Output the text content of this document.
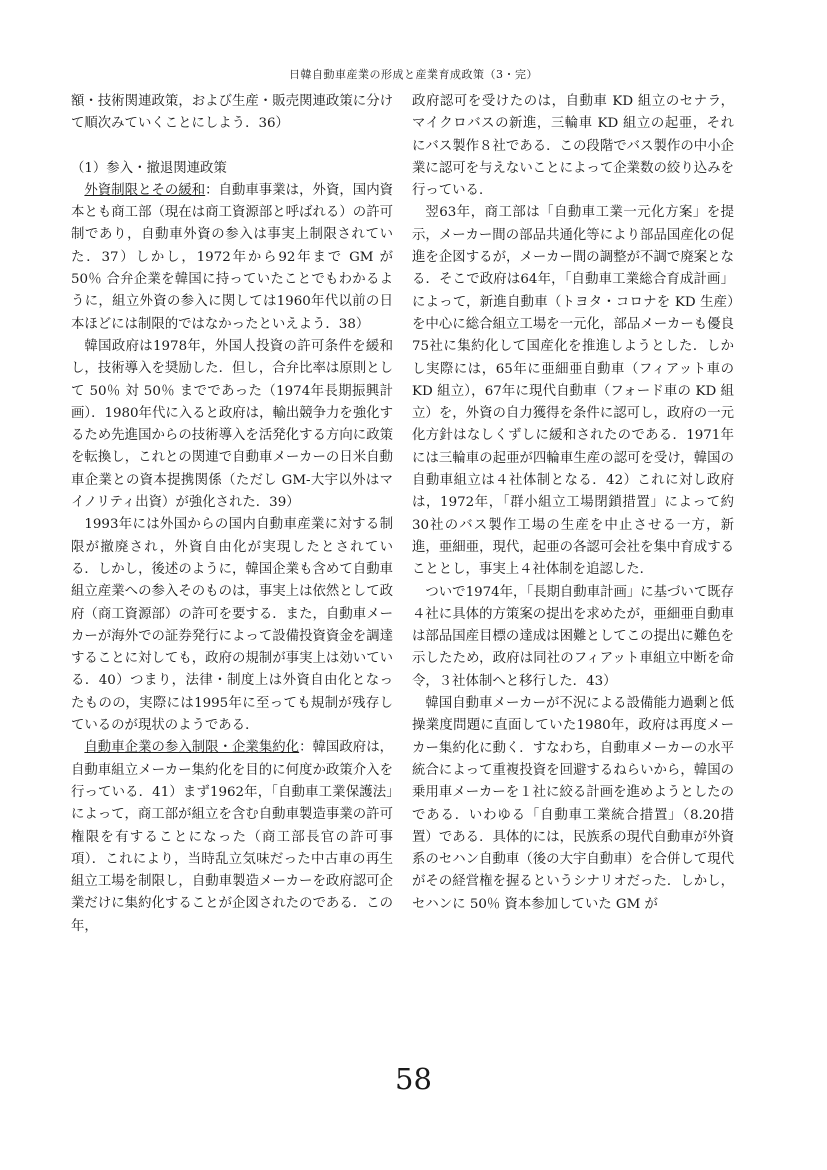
日韓自動車産業の形成と産業育成政策（3・完）

額・技術関連政策，および生産・販売関連政策に分けて順次みていくことにしよう．36）

（1）参入・撤退関連政策

外資制限とその緩和：自動車事業は，外資，国内資本とも商工部（現在は商工資源部と呼ばれる）の許可制であり，自動車外資の参入は事実上制限されていた．37）しかし，1972年から92年まで GM が 50％ 合弁企業を韓国に持っていたことでもわかるように，組立外資の参入に関しては1960年代以前の日本ほどには制限的ではなかったといえよう．38）

韓国政府は1978年，外国人投資の許可条件を緩和し，技術導入を奨励した．但し，合弁比率は原則として 50％ 対 50％ までであった（1974年長期振興計画）．1980年代に入ると政府は，輸出競争力を強化するため先進国からの技術導入を活発化する方向に政策を転換し，これとの関連で自動車メーカーの日米自動車企業との資本提携関係（ただし GM-大宇以外はマイノリティ出資）が強化された．39）

1993年には外国からの国内自動車産業に対する制限が撤廃され，外資自由化が実現したとされている．しかし，後述のように，韓国企業も含めて自動車組立産業への参入そのものは，事実上は依然として政府（商工資源部）の許可を要する．また，自動車メーカーが海外での証券発行によって設備投資資金を調達することに対しても，政府の規制が事実上は効いている．40）つまり，法律・制度上は外資自由化となったものの，実際には1995年に至っても規制が残存しているのが現状のようである．

自動車企業の参入制限・企業集約化：韓国政府は，自動車組立メーカー集約化を目的に何度か政策介入を行っている．41）まず1962年，「自動車工業保護法」によって，商工部が組立を含む自動車製造事業の許可権限を有することになった（商工部長官の許可事項）．これにより，当時乱立気味だった中古車の再生組立工場を制限し，自動車製造メーカーを政府認可企業だけに集約化することが企図されたのである．この年，

政府認可を受けたのは，自動車 KD 組立のセナラ，マイクロバスの新進，三輪車 KD 組立の起亜，それにバス製作８社である．この段階でバス製作の中小企業に認可を与えないことによって企業数の絞り込みを行っている．

翌63年，商工部は「自動車工業一元化方案」を提示，メーカー間の部品共通化等により部品国産化の促進を企図するが，メーカー間の調整が不調で廃案となる．そこで政府は64年，「自動車工業総合育成計画」によって，新進自動車（トヨタ・コロナを KD 生産）を中心に総合組立工場を一元化，部品メーカーも優良75社に集約化して国産化を推進しようとした．しかし実際には，65年に亜細亜自動車（フィアット車の KD 組立），67年に現代自動車（フォード車の KD 組立）を，外資の自力獲得を条件に認可し，政府の一元化方針はなしくずしに緩和されたのである．1971年には三輪車の起亜が四輪車生産の認可を受け，韓国の自動車組立は４社体制となる．42）これに対し政府は，1972年，「群小組立工場閉鎖措置」によって約30社のバス製作工場の生産を中止させる一方，新進，亜細亜，現代，起亜の各認可会社を集中育成することとし，事実上４社体制を追認した．

ついで1974年，「長期自動車計画」に基づいて既存４社に具体的方策案の提出を求めたが，亜細亜自動車は部品国産目標の達成は困難としてこの提出に難色を示したため，政府は同社のフィアット車組立中断を命令，３社体制へと移行した．43）

韓国自動車メーカーが不況による設備能力過剰と低操業度問題に直面していた1980年，政府は再度メーカー集約化に動く．すなわち，自動車メーカーの水平統合によって重複投資を回避するねらいから，韓国の乗用車メーカーを１社に絞る計画を進めようとしたのである．いわゆる「自動車工業統合措置」（8.20措置）である．具体的には，民族系の現代自動車が外資系のセハン自動車（後の大宇自動車）を合併して現代がその経営権を握るというシナリオだった．しかし，セハンに 50％ 資本参加していた GM が

58
